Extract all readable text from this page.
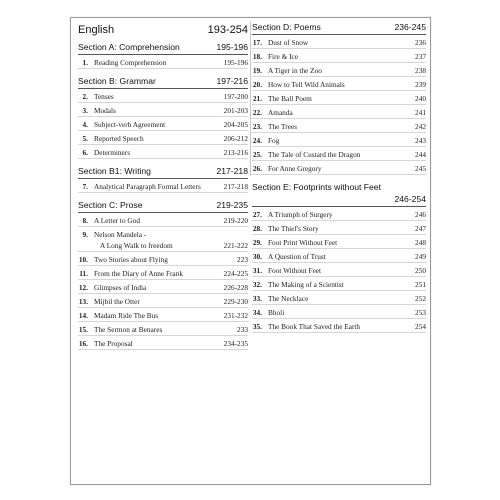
English	193-254
Section A: Comprehension	195-196
1. Reading Comprehension	195-196
Section B: Grammar	197-216
2. Tenses	197-200
3. Modals	201-203
4. Subject-verb Agreement	204-205
5. Reported Speech	206-212
6. Determiners	213-216
Section B1: Writing	217-218
7. Analytical Paragraph Formal Letters	217-218
Section C: Prose	219-235
8. A Letter to God	219-220
9. Nelson Mandela -
A Long Walk to freedom	221-222
10. Two Stories about Flying	223
11. From the Diary of Anne Frank	224-225
12. Glimpses of India	226-228
13. Mijbil the Otter	229-230
14. Madam Ride The Bus	231-232
15. The Sermon at Benares	233
16. The Proposal	234-235
Section D: Poems	236-245
17. Dust of Snow	236
18. Fire & Ice	237
19. A Tiger in the Zoo	238
20. How to Tell Wild Animals	239
21. The Ball Poem	240
22. Amanda	241
23. The Trees	242
24. Fog	243
25. The Tale of Custard the Dragon	244
26. For Anne Gregory	245
Section E: Footprints without Feet
246-254
27. A Triumph of Surgery	246
28. The Thief's Story	247
29. Foot Print Without Feet	248
30. A Question of Trust	249
31. Foot Without Feet	250
32. The Making of a Scientist	251
33. The Necklace	252
34. Bholi	253
35. The Book That Saved the Earth	254
